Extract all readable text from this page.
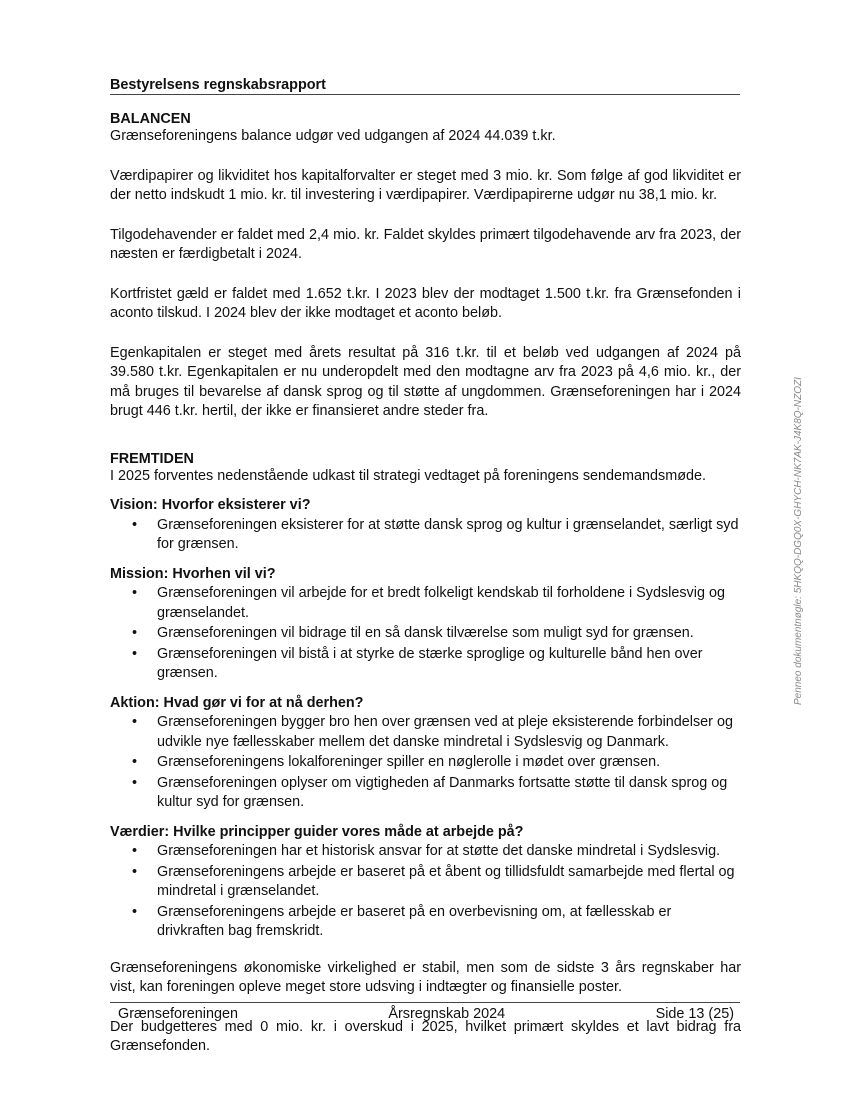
Bestyrelsens regnskabsrapport
BALANCEN

Grænseforeningens balance udgør ved udgangen af 2024 44.039 t.kr.

Værdipapirer og likviditet hos kapitalforvalter er steget med 3 mio. kr. Som følge af god likviditet er der netto indskudt 1 mio. kr. til investering i værdipapirer. Værdipapirerne udgør nu 38,1 mio. kr.

Tilgodehavender er faldet med 2,4 mio. kr. Faldet skyldes primært tilgodehavende arv fra 2023, der næsten er færdigbetalt i 2024.

Kortfristet gæld er faldet med 1.652 t.kr. I 2023 blev der modtaget 1.500 t.kr. fra Grænsefonden i aconto tilskud. I 2024 blev der ikke modtaget et aconto beløb.

Egenkapitalen er steget med årets resultat på 316 t.kr. til et beløb ved udgangen af 2024 på 39.580 t.kr. Egenkapitalen er nu underopdelt med den modtagne arv fra 2023 på 4,6 mio. kr., der må bruges til bevarelse af dansk sprog og til støtte af ungdommen. Grænseforeningen har i 2024 brugt 446 t.kr. hertil, der ikke er finansieret andre steder fra.

FREMTIDEN

I 2025 forventes nedenstående udkast til strategi vedtaget på foreningens sendemandsmøde.

Vision: Hvorfor eksisterer vi?
• Grænseforeningen eksisterer for at støtte dansk sprog og kultur i grænselandet, særligt syd for grænsen.
Mission: Hvorhen vil vi?
• Grænseforeningen vil arbejde for et bredt folkeligt kendskab til forholdene i Sydslesvig og grænselandet.
• Grænseforeningen vil bidrage til en så dansk tilværelse som muligt syd for grænsen.
• Grænseforeningen vil bistå i at styrke de stærke sproglige og kulturelle bånd hen over grænsen.
Aktion: Hvad gør vi for at nå derhen?
• Grænseforeningen bygger bro hen over grænsen ved at pleje eksisterende forbindelser og udvikle nye fællesskaber mellem det danske mindretal i Sydslesvig og Danmark.
• Grænseforeningens lokalforeninger spiller en nøglerolle i mødet over grænsen.
• Grænseforeningen oplyser om vigtigheden af Danmarks fortsatte støtte til dansk sprog og kultur syd for grænsen.
Værdier: Hvilke principper guider vores måde at arbejde på?
• Grænseforeningen har et historisk ansvar for at støtte det danske mindretal i Sydslesvig.
• Grænseforeningens arbejde er baseret på et åbent og tillidsfuldt samarbejde med flertal og mindretal i grænselandet.
• Grænseforeningens arbejde er baseret på en overbevisning om, at fællesskab er drivkraften bag fremskridt.

Grænseforeningens økonomiske virkelighed er stabil, men som de sidste 3 års regnskaber har vist, kan foreningen opleve meget store udsving i indtægter og finansielle poster.

Der budgetteres med 0 mio. kr. i overskud i 2025, hvilket primært skyldes et lavt bidrag fra Grænsefonden.

Grænseforeningen	Årsregnskab 2024	Side 13 (25)
Penneo dokumentnøgle: 5HKQQ-DGQ0X-GHYCH-NK7AK-J4K8Q-NZOZI
